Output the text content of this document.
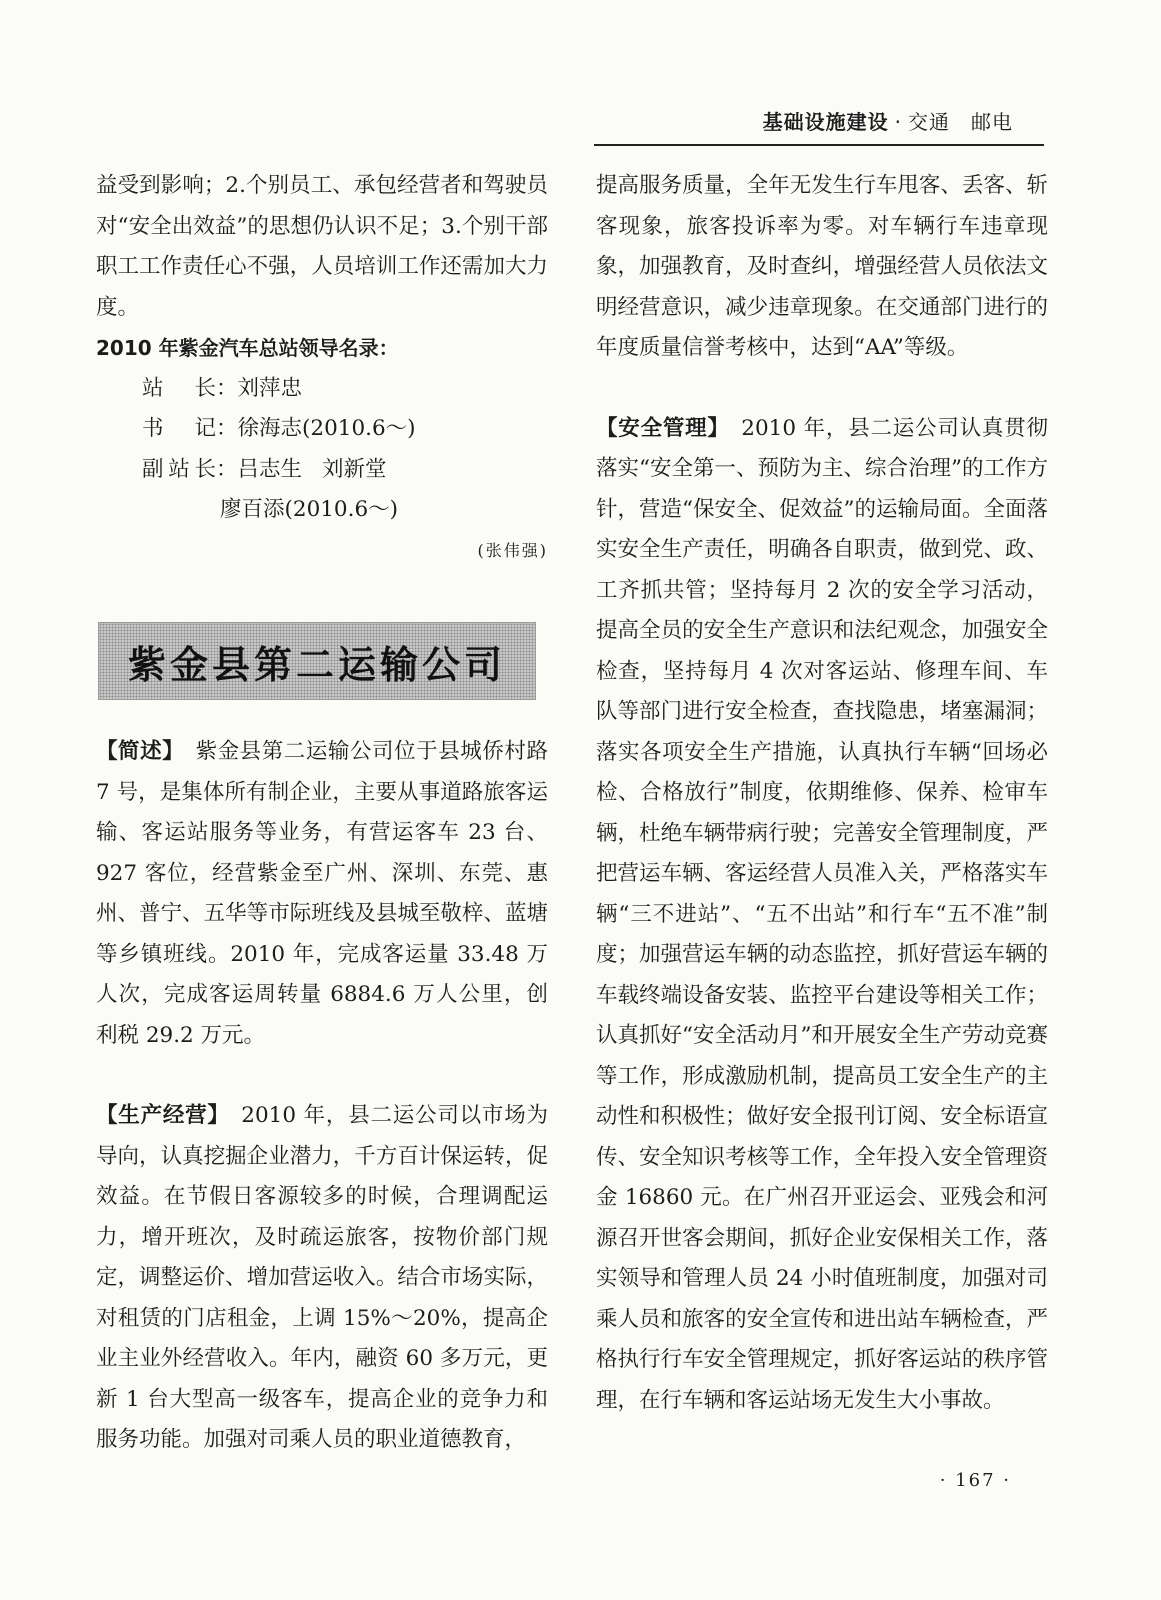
基础设施建设 · 交通　邮电

益受到影响；2.个别员工、承包经营者和驾驶员对“安全出效益”的思想仍认识不足；3.个别干部职工工作责任心不强，人员培训工作还需加大力度。

2010 年紫金汽车总站领导名录：

站　长：刘萍忠
书　记：徐海志(2010.6～)
副站长：吕志生 刘新堂
廖百添(2010.6～)
(张伟强)
紫金县第二运输公司

【简述】　 紫金县第二运输公司位于县城侨村路 7 号，是集体所有制企业，主要从事道路旅客运输、客运站服务等业务，有营运客车 23 台、927 客位，经营紫金至广州、深圳、东莞、惠州、普宁、五华等市际班线及县城至敬梓、蓝塘等乡镇班线。2010 年，完成客运量 33.48 万人次，完成客运周转量 6884.6 万人公里，创利税 29.2 万元。

【生产经营】　 2010 年，县二运公司以市场为导向，认真挖掘企业潜力，千方百计保运转，促效益。在节假日客源较多的时候，合理调配运力，增开班次，及时疏运旅客，按物价部门规定，调整运价、增加营运收入。结合市场实际，对租赁的门店租金，上调 15%～20%，提高企业主业外经营收入。年内，融资 60 多万元，更新 1 台大型高一级客车，提高企业的竞争力和服务功能。加强对司乘人员的职业道德教育，

提高服务质量，全年无发生行车甩客、丢客、斩客现象，旅客投诉率为零。对车辆行车违章现象，加强教育，及时查纠，增强经营人员依法文明经营意识，减少违章现象。在交通部门进行的年度质量信誉考核中，达到“AA”等级。

【安全管理】　 2010 年，县二运公司认真贯彻落实“安全第一、预防为主、综合治理”的工作方针，营造“保安全、促效益”的运输局面。全面落实安全生产责任，明确各自职责，做到党、政、工齐抓共管；坚持每月 2 次的安全学习活动，提高全员的安全生产意识和法纪观念，加强安全检查，坚持每月 4 次对客运站、修理车间、车队等部门进行安全检查，查找隐患，堵塞漏洞；落实各项安全生产措施，认真执行车辆“回场必检、合格放行”制度，依期维修、保养、检审车辆，杜绝车辆带病行驶；完善安全管理制度，严把营运车辆、客运经营人员准入关，严格落实车辆“三不进站”、“五不出站”和行车“五不准”制度；加强营运车辆的动态监控，抓好营运车辆的车载终端设备安装、监控平台建设等相关工作；认真抓好“安全活动月”和开展安全生产劳动竞赛等工作，形成激励机制，提高员工安全生产的主动性和积极性；做好安全报刊订阅、安全标语宣传、安全知识考核等工作，全年投入安全管理资金 16860 元。在广州召开亚运会、亚残会和河源召开世客会期间，抓好企业安保相关工作，落实领导和管理人员 24 小时值班制度，加强对司乘人员和旅客的安全宣传和进出站车辆检查，严格执行行车安全管理规定，抓好客运站的秩序管理，在行车辆和客运站场无发生大小事故。

· 167 ·
